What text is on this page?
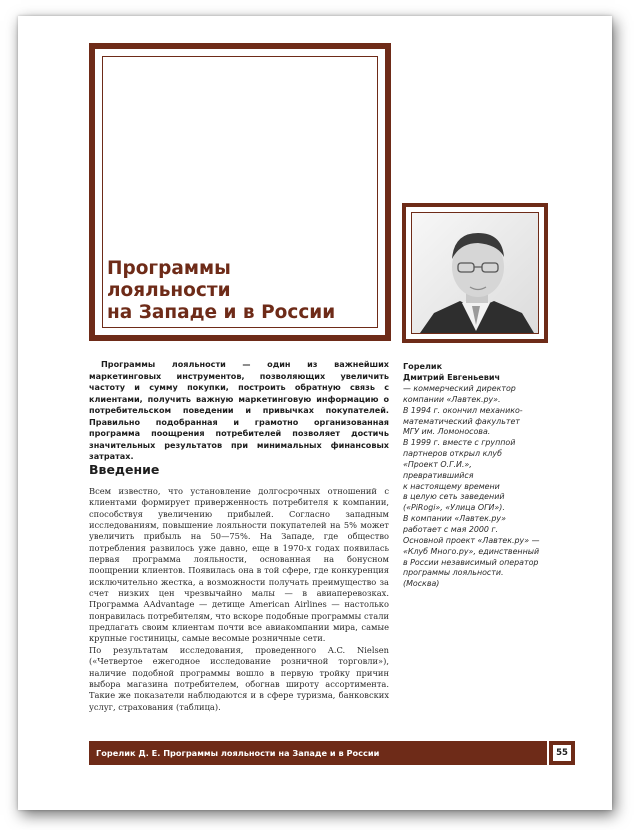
Программы
лояльности
на Западе и в России

Программы лояльности — один из важнейших маркетинговых инструментов, позволяющих увеличить частоту и сумму покупки, построить обратную связь с клиентами, получить важную маркетинговую информацию о потребительском поведении и привычках покупателей. Правильно подобранная и грамотно организованная программа поощрения потребителей позволяет достичь значительных результатов при минимальных финансовых затратах.

Введение

Всем известно, что установление долгосрочных отношений с клиентами формирует приверженность потребителя к компании, способствуя увеличению прибылей. Согласно западным исследованиям, повышение лояльности покупателей на 5% может увеличить прибыль на 50—75%. На Западе, где общество потребления развилось уже давно, еще в 1970-х годах появилась первая программа лояльности, основанная на бонусном поощрении клиентов. Появилась она в той сфере, где конкуренция исключительно жестка, а возможности получать преимущество за счет низких цен чрезвычайно малы — в авиаперевозках. Программа AAdvantage — детище American Airlines — настолько понравилась потребителям, что вскоре подобные программы стали предлагать своим клиентам почти все авиакомпании мира, самые крупные гостиницы, самые весомые розничные сети.

По результатам исследования, проведенного A.C. Nielsen («Четвертое ежегодное исследование розничной торговли»), наличие подобной программы вошло в первую тройку причин выбора магазина потребителем, обогнав широту ассортимента. Такие же показатели наблюдаются и в сфере туризма, банковских услуг, страхования (таблица).

Горелик
Дмитрий Евгеньевич

— коммерческий директор
компании «Лавтек.ру».
В 1994 г. окончил механико-
математический факультет
МГУ им. Ломоносова.
В 1999 г. вместе с группой
партнеров открыл клуб
«Проект О.Г.И.»,
превратившийся
к настоящему времени
в целую сеть заведений
(«PiRogi», «Улица ОГИ»).
В компании «Лавтек.ру»
работает с мая 2000 г.
Основной проект «Лавтек.ру» —
«Клуб Много.ру», единственный
в России независимый оператор
программы лояльности.
(Москва)

Горелик Д. Е. Программы лояльности на Западе и в России	55
